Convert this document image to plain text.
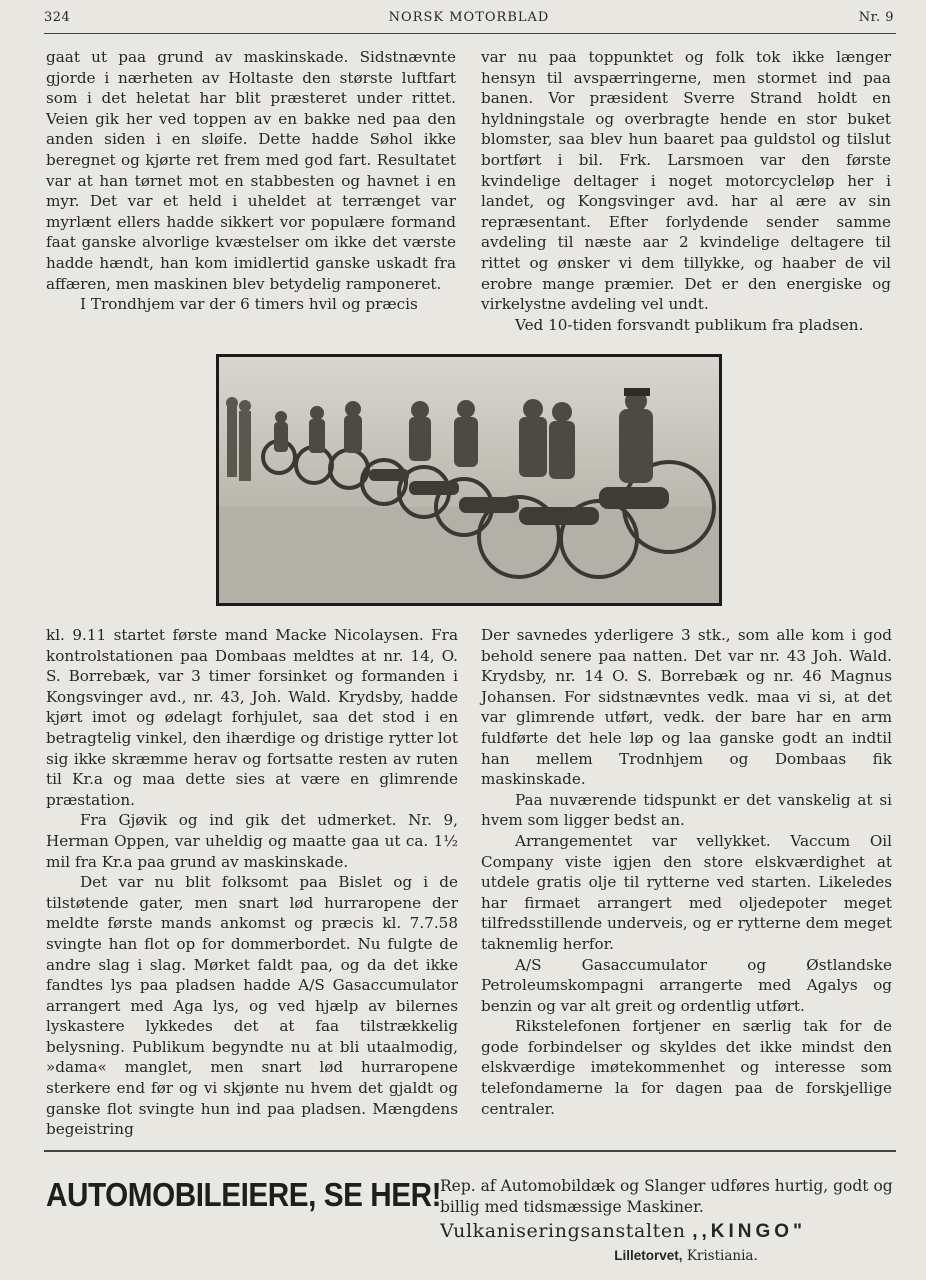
324	NORSK MOTORBLAD	Nr. 9

gaat ut paa grund av maskinskade. Sidstnævnte gjorde i nærheten av Holtaste den største luftfart som i det heletat har blit præsteret under rittet. Veien gik her ved toppen av en bakke ned paa den anden siden i en sløife. Dette hadde Søhol ikke beregnet og kjørte ret frem med god fart. Resultatet var at han tørnet mot en stabbesten og havnet i en myr. Det var et held i uheldet at terrænget var myrlænt ellers hadde sikkert vor populære formand faat ganske alvorlige kvæstelser om ikke det værste hadde hændt, han kom imidlertid ganske uskadt fra affæren, men maskinen blev betydelig ramponeret.

I Trondhjem var der 6 timers hvil og præcis

var nu paa toppunktet og folk tok ikke længer hensyn til avspærringerne, men stormet ind paa banen. Vor præsident Sverre Strand holdt en hyldningstale og overbragte hende en stor buket blomster, saa blev hun baaret paa guldstol og tilslut bortført i bil. Frk. Larsmoen var den første kvindelige deltager i noget motorcycleløp her i landet, og Kongsvinger avd. har al ære av sin repræsentant. Efter forlydende sender samme avdeling til næste aar 2 kvindelige deltagere til rittet og ønsker vi dem tillykke, og haaber de vil erobre mange præmier. Det er den energiske og virkelystne avdeling vel undt.

Ved 10-tiden forsvandt publikum fra pladsen.

kl. 9.11 startet første mand Macke Nicolaysen. Fra kontrolstationen paa Dombaas meldtes at nr. 14, O. S. Borrebæk, var 3 timer forsinket og formanden i Kongsvinger avd., nr. 43, Joh. Wald. Krydsby, hadde kjørt imot og ødelagt forhjulet, saa det stod i en betragtelig vinkel, den ihærdige og dristige rytter lot sig ikke skræmme herav og fortsatte resten av ruten til Kr.a og maa dette sies at være en glimrende præstation.

Fra Gjøvik og ind gik det udmerket. Nr. 9, Herman Oppen, var uheldig og maatte gaa ut ca. 1½ mil fra Kr.a paa grund av maskinskade.

Det var nu blit folksomt paa Bislet og i de tilstøtende gater, men snart lød hurraropene der meldte første mands ankomst og præcis kl. 7.7.58 svingte han flot op for dommerbordet. Nu fulgte de andre slag i slag. Mørket faldt paa, og da det ikke fandtes lys paa pladsen hadde A/S Gasaccumulator arrangert med Aga lys, og ved hjælp av bilernes lyskastere lykkedes det at faa tilstrækkelig belysning. Publikum begyndte nu at bli utaalmodig, »dama« manglet, men snart lød hurraropene sterkere end før og vi skjønte nu hvem det gjaldt og ganske flot svingte hun ind paa pladsen. Mængdens begeistring

Der savnedes yderligere 3 stk., som alle kom i god behold senere paa natten. Det var nr. 43 Joh. Wald. Krydsby, nr. 14 O. S. Borrebæk og nr. 46 Magnus Johansen. For sidstnævntes vedk. maa vi si, at det var glimrende utført, vedk. der bare har en arm fuldførte det hele løp og laa ganske godt an indtil han mellem Trodnhjem og Dombaas fik maskinskade.

Paa nuværende tidspunkt er det vanskelig at si hvem som ligger bedst an.

Arrangementet var vellykket. Vaccum Oil Company viste igjen den store elskværdighet at utdele gratis olje til rytterne ved starten. Likeledes har firmaet arrangert med oljedepoter meget tilfredsstillende underveis, og er rytterne dem meget taknemlig herfor.

A/S Gasaccumulator og Østlandske Petroleumskompagni arrangerte med Agalys og benzin og var alt greit og ordentlig utført.

Rikstelefonen fortjener en særlig tak for de gode forbindelser og skyldes det ikke mindst den elskværdige imøtekommenhet og interesse som telefondamerne la for dagen paa de forskjellige centraler.

AUTOMOBILEIERE, SE HER!
Rep. af Automobildæk og Slanger udføres hurtig, godt og billig med tidsmæssige Maskiner.
Vulkaniseringsanstalten ,,KINGO"
Lilletorvet, Kristiania.
